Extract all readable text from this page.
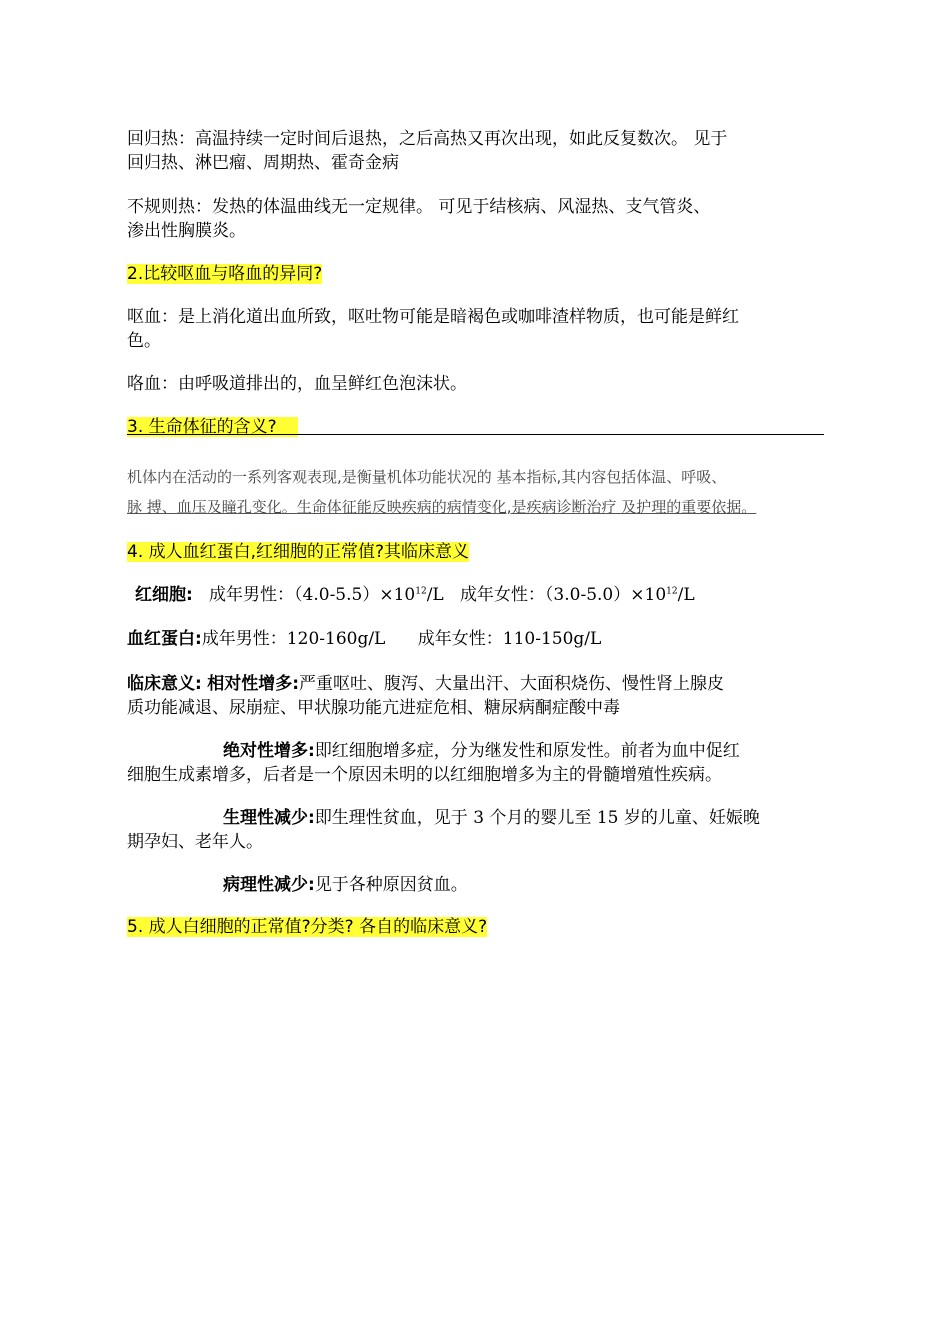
回归热：高温持续一定时间后退热，之后高热又再次出现，如此反复数次。 见于

回归热、淋巴瘤、周期热、霍奇金病

不规则热：发热的体温曲线无一定规律。 可见于结核病、风湿热、支气管炎、

渗出性胸膜炎。

2.比较呕血与咯血的异同?

呕血：是上消化道出血所致，呕吐物可能是暗褐色或咖啡渣样物质，也可能是鲜红

色。

咯血：由呼吸道排出的，血呈鲜红色泡沫状。

3. 生命体征的含义?

机体内在活动的一系列客观表现,是衡量机体功能状况的 基本指标,其内容包括体温、呼吸、

脉 搏、血压及瞳孔变化。生命体征能反映疾病的病情变化,是疾病诊断治疗 及护理的重要依据。

4. 成人血红蛋白,红细胞的正常值?其临床意义

红细胞: 成年男性：$(4.0-5.5)\times 10^{12}/L$ 成年女性：$(3.0-5.0)\times 10^{12}/L$

血红蛋白:成年男性：120-160g/L      成年女性：110-150g/L

临床意义: 相对性增多:严重呕吐、腹泻、大量出汗、大面积烧伤、慢性肾上腺皮

质功能减退、尿崩症、甲状腺功能亢进症危相、糖尿病酮症酸中毒

绝对性增多:即红细胞增多症，分为继发性和原发性。前者为血中促红

细胞生成素增多，后者是一个原因未明的以红细胞增多为主的骨髓增殖性疾病。

生理性减少:即生理性贫血，见于 3 个月的婴儿至 15 岁的儿童、妊娠晚

期孕妇、老年人。

病理性减少:见于各种原因贫血。

5. 成人白细胞的正常值?分类? 各自的临床意义?
